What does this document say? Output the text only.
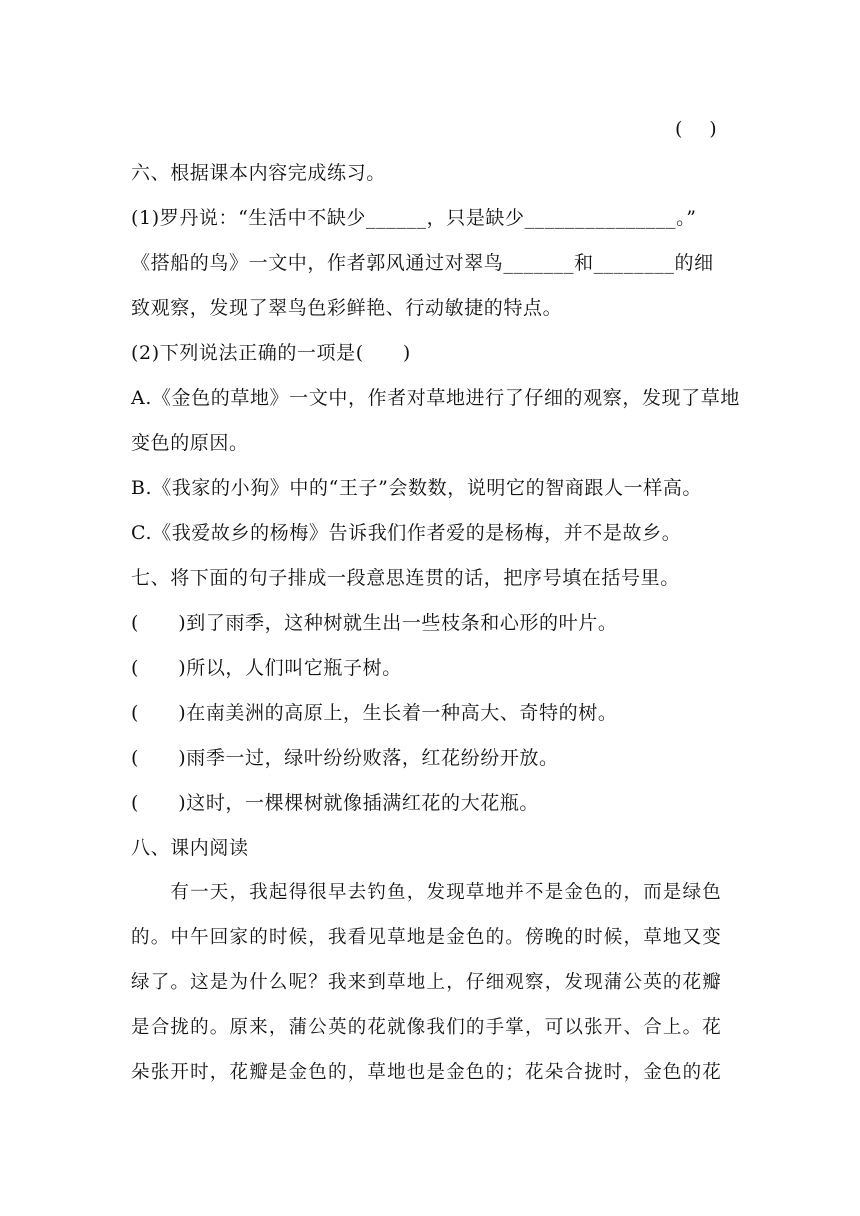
(　 )
六、根据课本内容完成练习。
(1)罗丹说：“生活中不缺少______，只是缺少_______________。”
《搭船的鸟》一文中，作者郭风通过对翠鸟_______和________的细
致观察，发现了翠鸟色彩鲜艳、行动敏捷的特点。
(2)下列说法正确的一项是(　　)
A.《金色的草地》一文中，作者对草地进行了仔细的观察，发现了草地
变色的原因。
B.《我家的小狗》中的“王子”会数数，说明它的智商跟人一样高。
C.《我爱故乡的杨梅》告诉我们作者爱的是杨梅，并不是故乡。
七、将下面的句子排成一段意思连贯的话，把序号填在括号里。
(　　)到了雨季，这种树就生出一些枝条和心形的叶片。
(　　)所以，人们叫它瓶子树。
(　　)在南美洲的高原上，生长着一种高大、奇特的树。
(　　)雨季一过，绿叶纷纷败落，红花纷纷开放。
(　　)这时，一棵棵树就像插满红花的大花瓶。
八、课内阅读
　　有一天，我起得很早去钓鱼，发现草地并不是金色的，而是绿色
的。中午回家的时候，我看见草地是金色的。傍晚的时候，草地又变
绿了。这是为什么呢？我来到草地上，仔细观察，发现蒲公英的花瓣
是合拢的。原来，蒲公英的花就像我们的手掌，可以张开、合上。花
朵张开时，花瓣是金色的，草地也是金色的；花朵合拢时，金色的花
